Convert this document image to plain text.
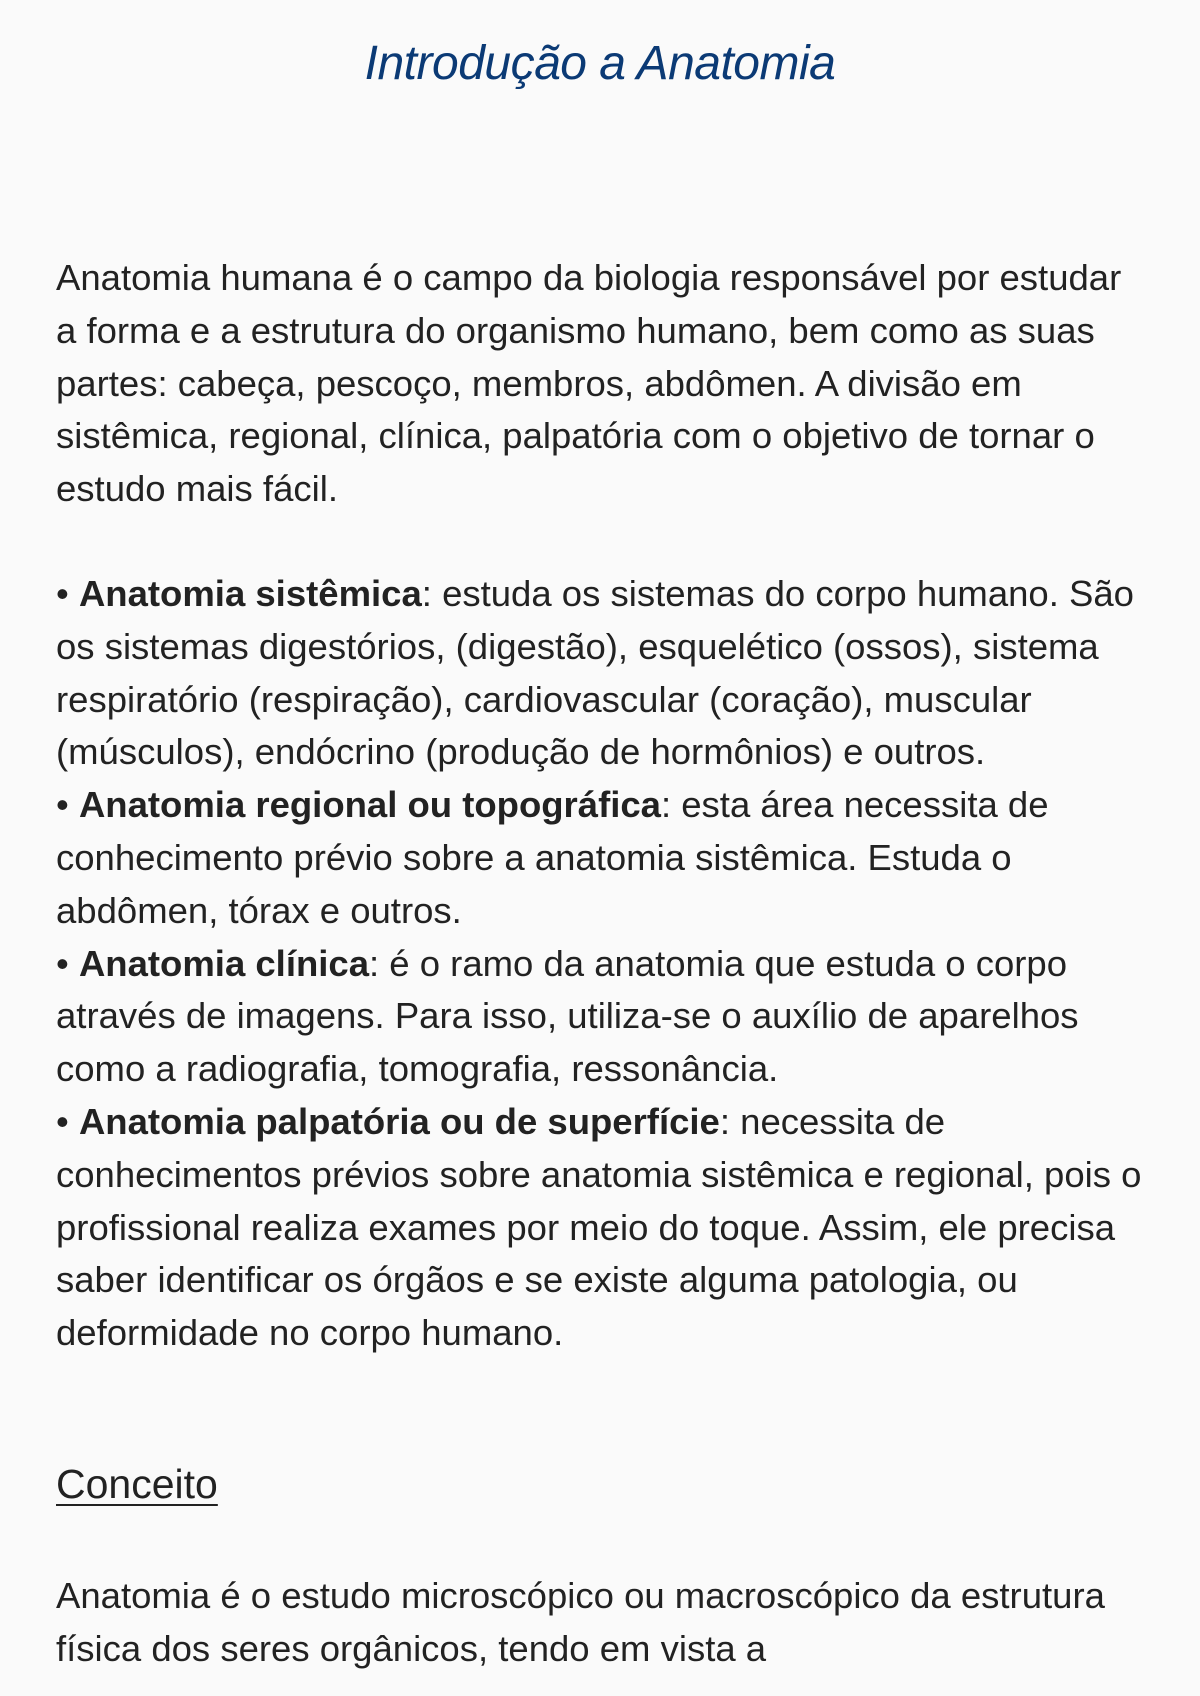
Introdução a Anatomia

Anatomia humana é o campo da biologia responsável por estudar a forma e a estrutura do organismo humano, bem como as suas partes: cabeça, pescoço, membros, abdômen. A divisão em sistêmica, regional, clínica, palpatória com o objetivo de tornar o estudo mais fácil.

• Anatomia sistêmica: estuda os sistemas do corpo humano. São os sistemas digestórios, (digestão), esquelético (ossos), sistema respiratório (respiração), cardiovascular (coração), muscular (músculos), endócrino (produção de hormônios) e outros.
• Anatomia regional ou topográfica: esta área necessita de conhecimento prévio sobre a anatomia sistêmica. Estuda o abdômen, tórax e outros.
• Anatomia clínica: é o ramo da anatomia que estuda o corpo através de imagens. Para isso, utiliza-se o auxílio de aparelhos como a radiografia, tomografia, ressonância.
• Anatomia palpatória ou de superfície: necessita de conhecimentos prévios sobre anatomia sistêmica e regional, pois o profissional realiza exames por meio do toque. Assim, ele precisa saber identificar os órgãos e se existe alguma patologia, ou deformidade no corpo humano.
Conceito

Anatomia é o estudo microscópico ou macroscópico da estrutura física dos seres orgânicos, tendo em vista a
